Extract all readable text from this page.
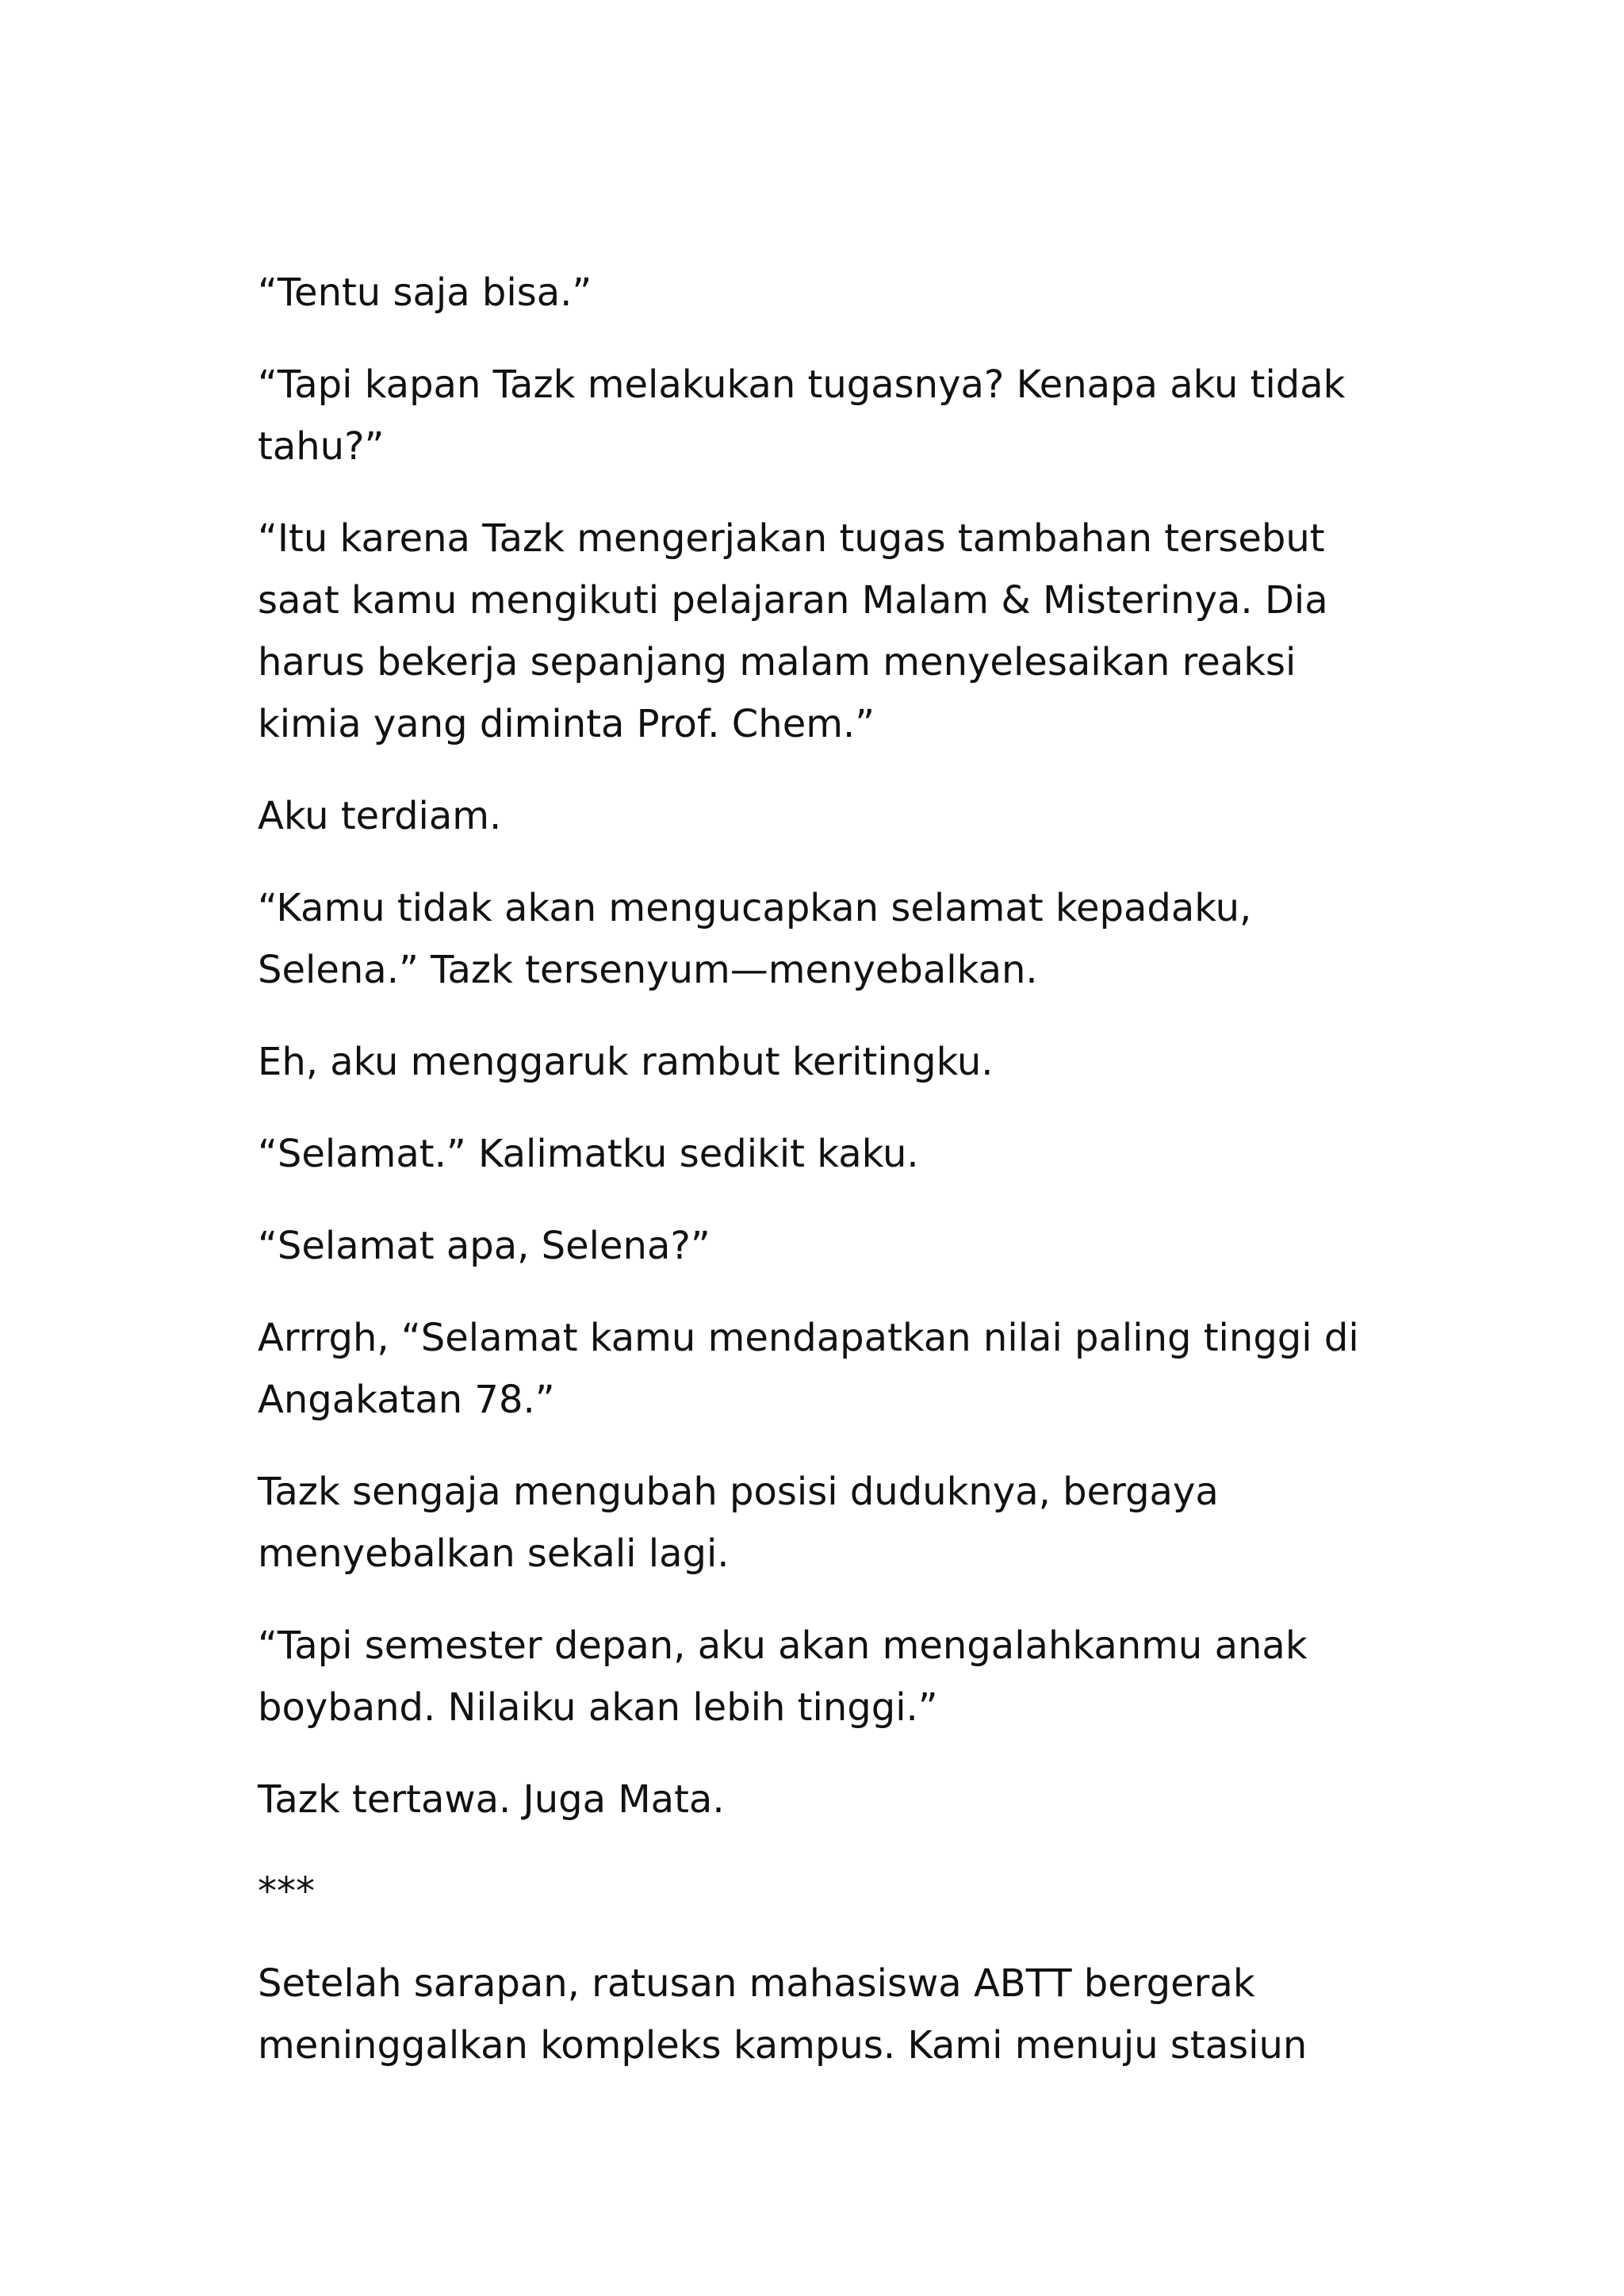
“Tentu saja bisa.”

“Tapi kapan Tazk melakukan tugasnya? Kenapa aku tidak
tahu?”

“Itu karena Tazk mengerjakan tugas tambahan tersebut
saat kamu mengikuti pelajaran Malam & Misterinya. Dia
harus bekerja sepanjang malam menyelesaikan reaksi
kimia yang diminta Prof. Chem.”

Aku terdiam.

“Kamu tidak akan mengucapkan selamat kepadaku,
Selena.” Tazk tersenyum—menyebalkan.

Eh, aku menggaruk rambut keritingku.

“Selamat.” Kalimatku sedikit kaku.

“Selamat apa, Selena?”

Arrrgh, “Selamat kamu mendapatkan nilai paling tinggi di
Angakatan 78.”

Tazk sengaja mengubah posisi duduknya, bergaya
menyebalkan sekali lagi.

“Tapi semester depan, aku akan mengalahkanmu anak
boyband. Nilaiku akan lebih tinggi.”

Tazk tertawa. Juga Mata.

***

Setelah sarapan, ratusan mahasiswa ABTT bergerak
meninggalkan kompleks kampus. Kami menuju stasiun
